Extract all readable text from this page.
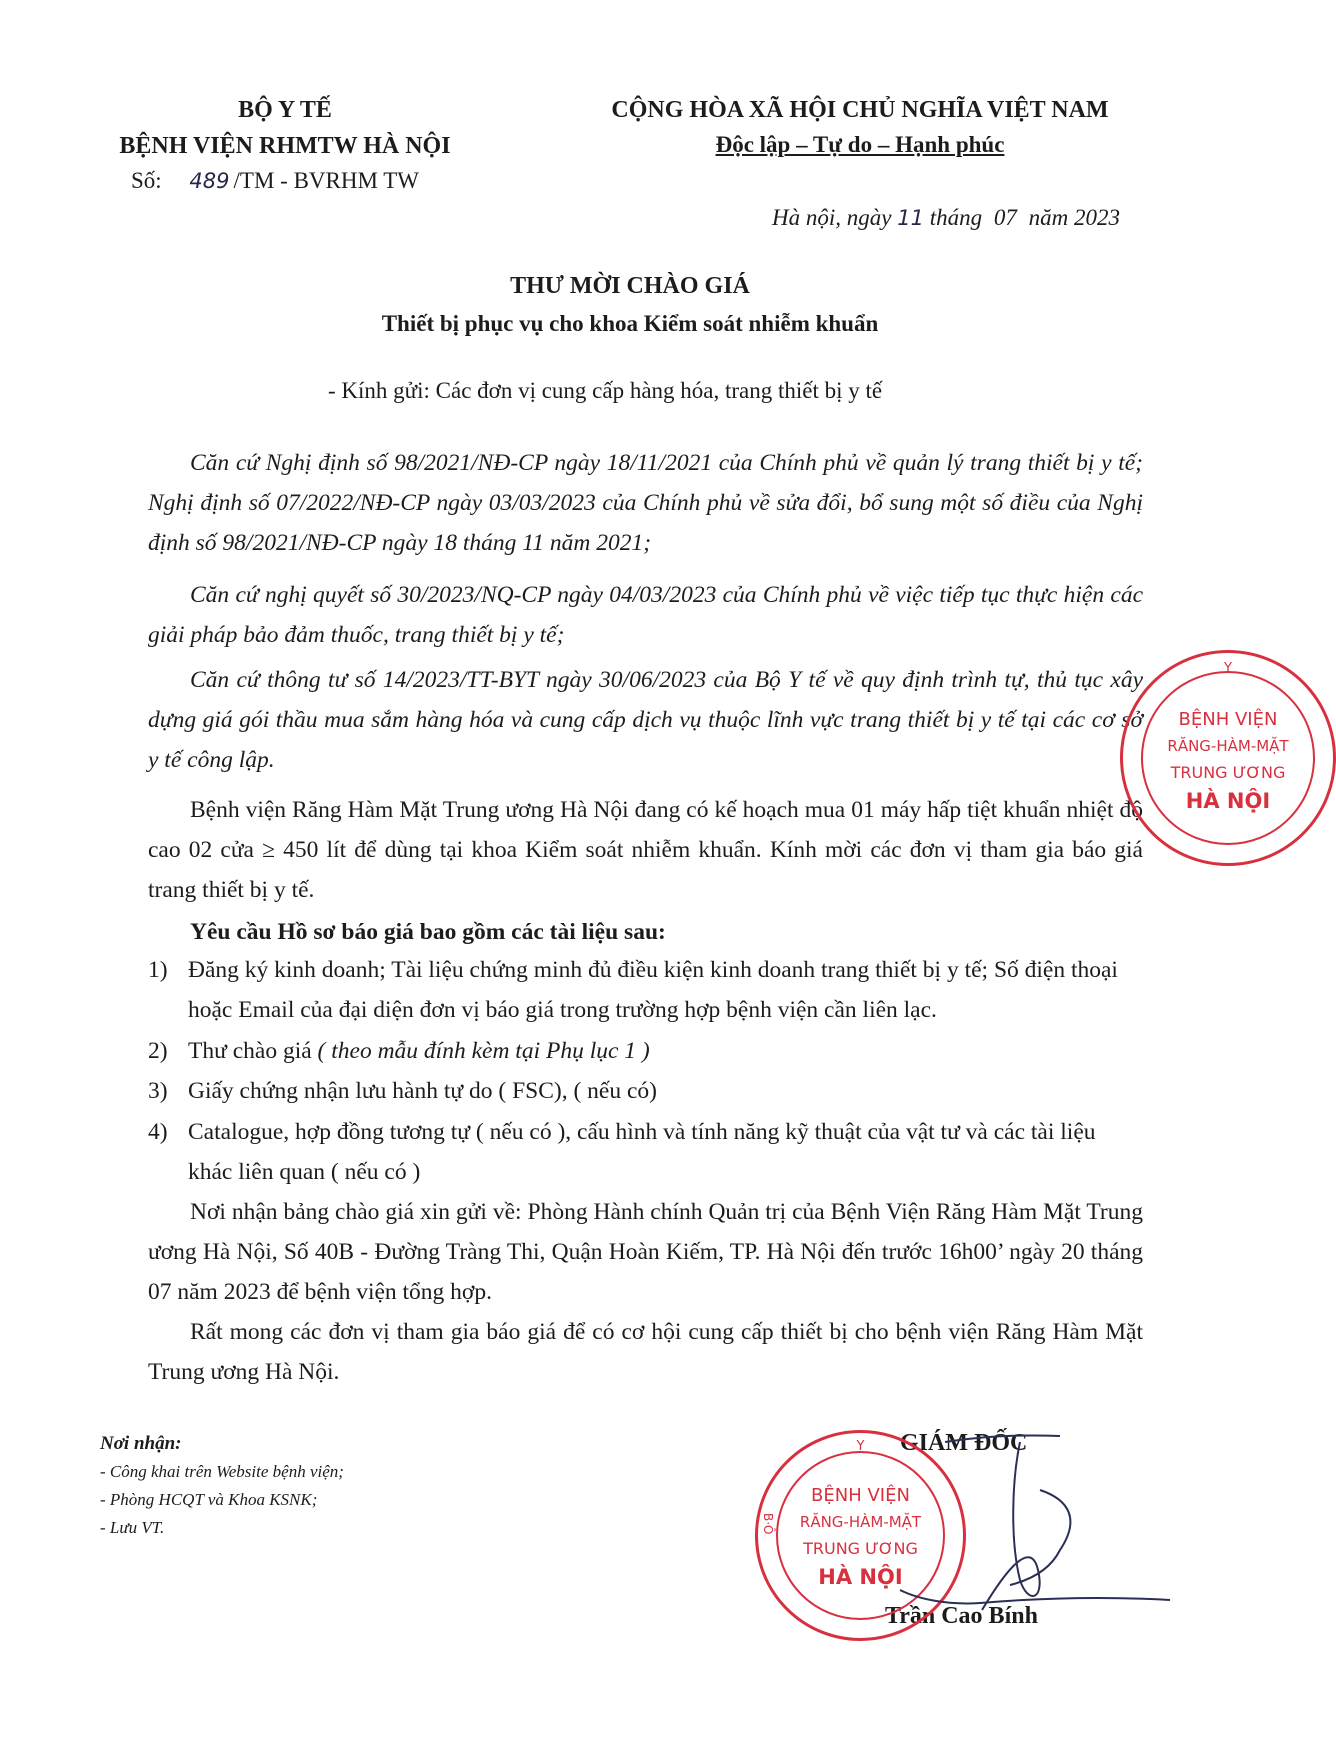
BỘ Y TẾ
BỆNH VIỆN RHMTW HÀ NỘI
Số: 489 /TM - BVRHM TW
CỘNG HÒA XÃ HỘI CHỦ NGHĨA VIỆT NAM
Độc lập – Tự do – Hạnh phúc
Hà nội, ngày 11 tháng 07 năm 2023
THƯ MỜI CHÀO GIÁ
Thiết bị phục vụ cho khoa Kiểm soát nhiễm khuẩn
- Kính gửi: Các đơn vị cung cấp hàng hóa, trang thiết bị y tế
Căn cứ Nghị định số 98/2021/NĐ-CP ngày 18/11/2021 của Chính phủ về quản lý trang thiết bị y tế; Nghị định số 07/2022/NĐ-CP ngày 03/03/2023 của Chính phủ về sửa đổi, bổ sung một số điều của Nghị định số 98/2021/NĐ-CP ngày 18 tháng 11 năm 2021;
Căn cứ nghị quyết số 30/2023/NQ-CP ngày 04/03/2023 của Chính phủ về việc tiếp tục thực hiện các giải pháp bảo đảm thuốc, trang thiết bị y tế;
Căn cứ thông tư số 14/2023/TT-BYT ngày 30/06/2023 của Bộ Y tế về quy định trình tự, thủ tục xây dựng giá gói thầu mua sắm hàng hóa và cung cấp dịch vụ thuộc lĩnh vực trang thiết bị y tế tại các cơ sở y tế công lập.
Bệnh viện Răng Hàm Mặt Trung ương Hà Nội đang có kế hoạch mua 01 máy hấp tiệt khuẩn nhiệt độ cao 02 cửa ≥ 450 lít để dùng tại khoa Kiểm soát nhiễm khuẩn. Kính mời các đơn vị tham gia báo giá trang thiết bị y tế.
Yêu cầu Hồ sơ báo giá bao gồm các tài liệu sau:
1) Đăng ký kinh doanh; Tài liệu chứng minh đủ điều kiện kinh doanh trang thiết bị y tế; Số điện thoại hoặc Email của đại diện đơn vị báo giá trong trường hợp bệnh viện cần liên lạc.
2) Thư chào giá ( theo mẫu đính kèm tại Phụ lục 1 )
3) Giấy chứng nhận lưu hành tự do ( FSC), ( nếu có)
4) Catalogue, hợp đồng tương tự ( nếu có ), cấu hình và tính năng kỹ thuật của vật tư và các tài liệu khác liên quan ( nếu có )
Nơi nhận bảng chào giá xin gửi về: Phòng Hành chính Quản trị của Bệnh Viện Răng Hàm Mặt Trung ương Hà Nội, Số 40B - Đường Tràng Thi, Quận Hoàn Kiếm, TP. Hà Nội đến trước 16h00’ ngày 20 tháng 07 năm 2023 để bệnh viện tổng hợp.
Rất mong các đơn vị tham gia báo giá để có cơ hội cung cấp thiết bị cho bệnh viện Răng Hàm Mặt Trung ương Hà Nội.
Nơi nhận:
- Công khai trên Website bệnh viện;
- Phòng HCQT và Khoa KSNK;
- Lưu VT.
GIÁM ĐỐC
Trần Cao Bính
Y
B·Ô
BỆNH VIỆN
RĂNG-HÀM-MẶT
TRUNG ƯƠNG
HÀ NỘI
Y
BỆNH VIỆN
RĂNG-HÀM-MẶT
TRUNG ƯƠNG
HÀ NỘI
